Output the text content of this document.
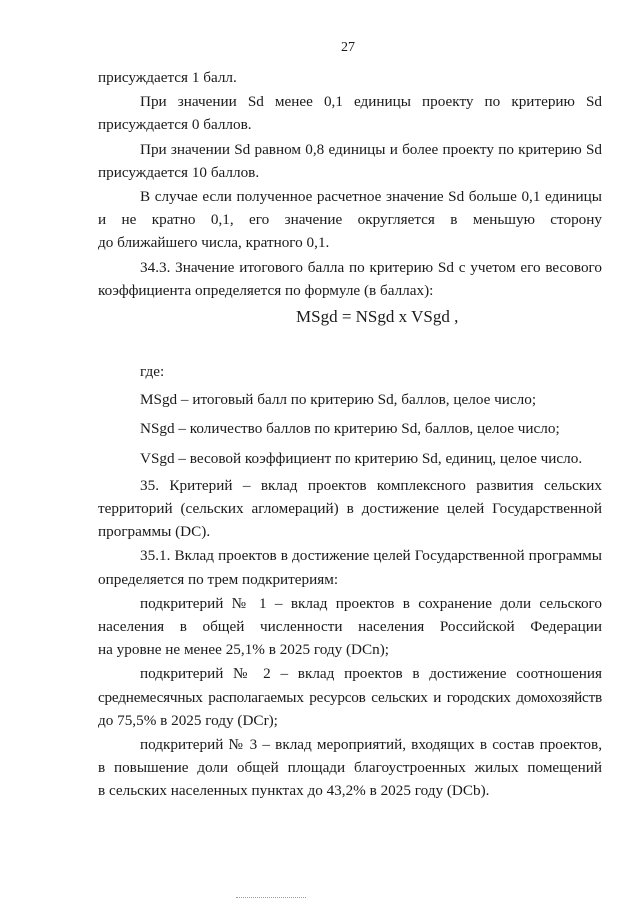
27

присуждается 1 балл.

При значении Sd менее 0,1 единицы проекту по критерию Sd
присуждается 0 баллов.

При значении Sd равном 0,8 единицы и более проекту по критерию Sd
присуждается 10 баллов.

В случае если полученное расчетное значение Sd больше 0,1 единицы
и не кратно 0,1, его значение округляется в меньшую сторону
до ближайшего числа, кратного 0,1.

34.3. Значение итогового балла по критерию Sd с учетом его весового
коэффициента определяется по формуле (в баллах):

MSgd = NSgd x VSgd ,
где:
MSgd – итоговый балл по критерию Sd, баллов, целое число;
NSgd – количество баллов по критерию Sd, баллов, целое число;
VSgd – весовой коэффициент по критерию Sd, единиц, целое число.

35. Критерий – вклад проектов комплексного развития сельских
территорий (сельских агломераций) в достижение целей Государственной
программы (DC).

35.1. Вклад проектов в достижение целей Государственной программы
определяется по трем подкритериям:

подкритерий № 1 – вклад проектов в сохранение доли сельского
населения в общей численности населения Российской Федерации
на уровне не менее 25,1% в 2025 году (DCn);

подкритерий № 2 – вклад проектов в достижение соотношения
среднемесячных располагаемых ресурсов сельских и городских домохозяйств
до 75,5% в 2025 году (DCr);

подкритерий № 3 – вклад мероприятий, входящих в состав проектов,
в повышение доли общей площади благоустроенных жилых помещений
в сельских населенных пунктах до 43,2% в 2025 году (DCb).
